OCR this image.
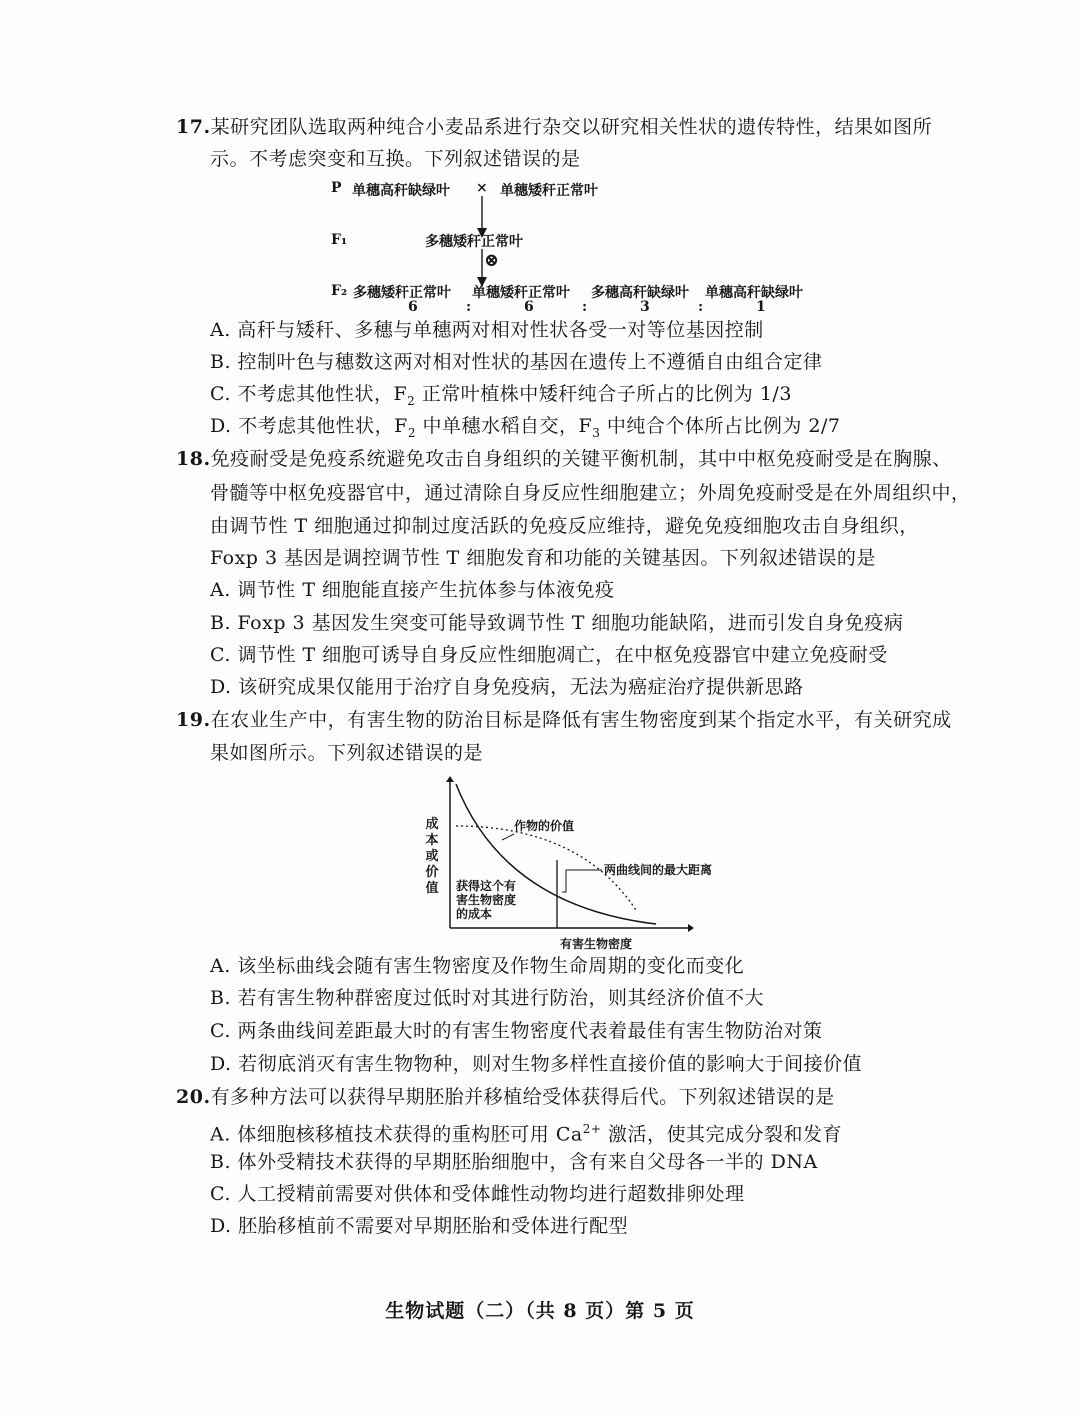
17.某研究团队选取两种纯合小麦品系进行杂交以研究相关性状的遗传特性，结果如图所
示。不考虑突变和互换。下列叙述错误的是
P 单穗高秆缺绿叶 × 单穗矮秆正常叶
F₁	多穗矮秆正常叶
⊗
F₂ 多穗矮秆正常叶 单穗矮秆正常叶 多穗高秆缺绿叶 单穗高秆缺绿叶
6	:	6	:	3	:	1
A. 高秆与矮秆、多穗与单穗两对相对性状各受一对等位基因控制
B. 控制叶色与穗数这两对相对性状的基因在遗传上不遵循自由组合定律
C. 不考虑其他性状，$F_2$ 正常叶植株中矮秆纯合子所占的比例为 1/3
D. 不考虑其他性状，$F_2$ 中单穗水稻自交，$F_3$ 中纯合个体所占比例为 2/7
18.免疫耐受是免疫系统避免攻击自身组织的关键平衡机制，其中中枢免疫耐受是在胸腺、
骨髓等中枢免疫器官中，通过清除自身反应性细胞建立；外周免疫耐受是在外周组织中，
由调节性 T 细胞通过抑制过度活跃的免疫反应维持，避免免疫细胞攻击自身组织，
Foxp 3 基因是调控调节性 T 细胞发育和功能的关键基因。下列叙述错误的是
A. 调节性 T 细胞能直接产生抗体参与体液免疫
B. Foxp 3 基因发生突变可能导致调节性 T 细胞功能缺陷，进而引发自身免疫病
C. 调节性 T 细胞可诱导自身反应性细胞凋亡，在中枢免疫器官中建立免疫耐受
D. 该研究成果仅能用于治疗自身免疫病，无法为癌症治疗提供新思路
19.在农业生产中，有害生物的防治目标是降低有害生物密度到某个指定水平，有关研究成
果如图所示。下列叙述错误的是
成
本
或
价
值
作物的价值
两曲线间的最大距离
获得这个有
害生物密度
的成本
有害生物密度
A. 该坐标曲线会随有害生物密度及作物生命周期的变化而变化
B. 若有害生物种群密度过低时对其进行防治，则其经济价值不大
C. 两条曲线间差距最大时的有害生物密度代表着最佳有害生物防治对策
D. 若彻底消灭有害生物物种，则对生物多样性直接价值的影响大于间接价值
20.有多种方法可以获得早期胚胎并移植给受体获得后代。下列叙述错误的是
A. 体细胞核移植技术获得的重构胚可用 $Ca^{2+}$ 激活，使其完成分裂和发育
B. 体外受精技术获得的早期胚胎细胞中，含有来自父母各一半的 DNA
C. 人工授精前需要对供体和受体雌性动物均进行超数排卵处理
D. 胚胎移植前不需要对早期胚胎和受体进行配型
生物试题（二）（共 8 页）第 5 页
